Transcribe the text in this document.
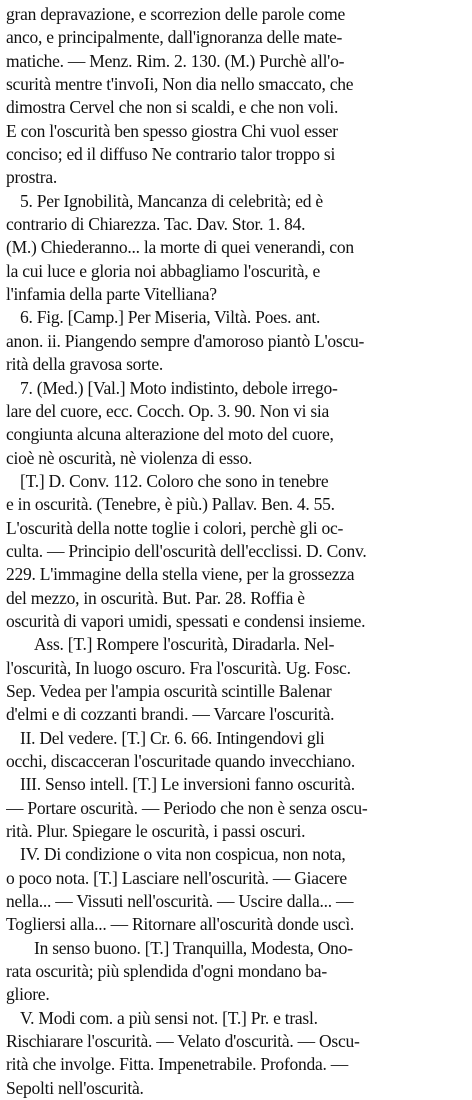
gran depravazione, e scorrezion delle parole come
anco, e principalmente, dall'ignoranza delle mate-
matiche. — Menz. Rim. 2. 130. (M.) Purchè all'o-
scurità mentre t'invoIi, Non dia nello smaccato, che
dimostra Cervel che non si scaldi, e che non voli.
E con l'oscurità ben spesso giostra Chi vuol esser
conciso; ed il diffuso Ne contrario talor troppo si
prostra.
5. Per Ignobilità, Mancanza di celebrità; ed è
contrario di Chiarezza. Tac. Dav. Stor. 1. 84.
(M.) Chiederanno... la morte di quei venerandi, con
la cui luce e gloria noi abbagliamo l'oscurità, e
l'infamia della parte Vitelliana?
6. Fig. [Camp.] Per Miseria, Viltà. Poes. ant.
anon. ii. Piangendo sempre d'amoroso piantò L'oscu-
rità della gravosa sorte.
7. (Med.) [Val.] Moto indistinto, debole irrego-
lare del cuore, ecc. Cocch. Op. 3. 90. Non vi sia
congiunta alcuna alterazione del moto del cuore,
cioè nè oscurità, nè violenza di esso.
[T.] D. Conv. 112. Coloro che sono in tenebre
e in oscurità. (Tenebre, è più.) Pallav. Ben. 4. 55.
L'oscurità della notte toglie i colori, perchè gli oc-
culta. — Principio dell'oscurità dell'ecclissi. D. Conv.
229. L'immagine della stella viene, per la grossezza
del mezzo, in oscurità. But. Par. 28. Roffia è
oscurità di vapori umidi, spessati e condensi insieme.
Ass. [T.] Rompere l'oscurità, Diradarla. Nel-
l'oscurità, In luogo oscuro. Fra l'oscurità. Ug. Fosc.
Sep. Vedea per l'ampia oscurità scintille Balenar
d'elmi e di cozzanti brandi. — Varcare l'oscurità.
II. Del vedere. [T.] Cr. 6. 66. Intingendovi gli
occhi, discacceran l'oscuritade quando invecchiano.
III. Senso intell. [T.] Le inversioni fanno oscurità.
— Portare oscurità. — Periodo che non è senza oscu-
rità. Plur. Spiegare le oscurità, i passi oscuri.
IV. Di condizione o vita non cospicua, non nota,
o poco nota. [T.] Lasciare nell'oscurità. — Giacere
nella... — Vissuti nell'oscurità. — Uscire dalla... —
Togliersi alla... — Ritornare all'oscurità donde uscì.
In senso buono. [T.] Tranquilla, Modesta, Ono-
rata oscurità; più splendida d'ogni mondano ba-
gliore.
V. Modi com. a più sensi not. [T.] Pr. e trasl.
Rischiarare l'oscurità. — Velato d'oscurità. — Oscu-
rità che involge. Fitta. Impenetrabile. Profonda. —
Sepolti nell'oscurità.
